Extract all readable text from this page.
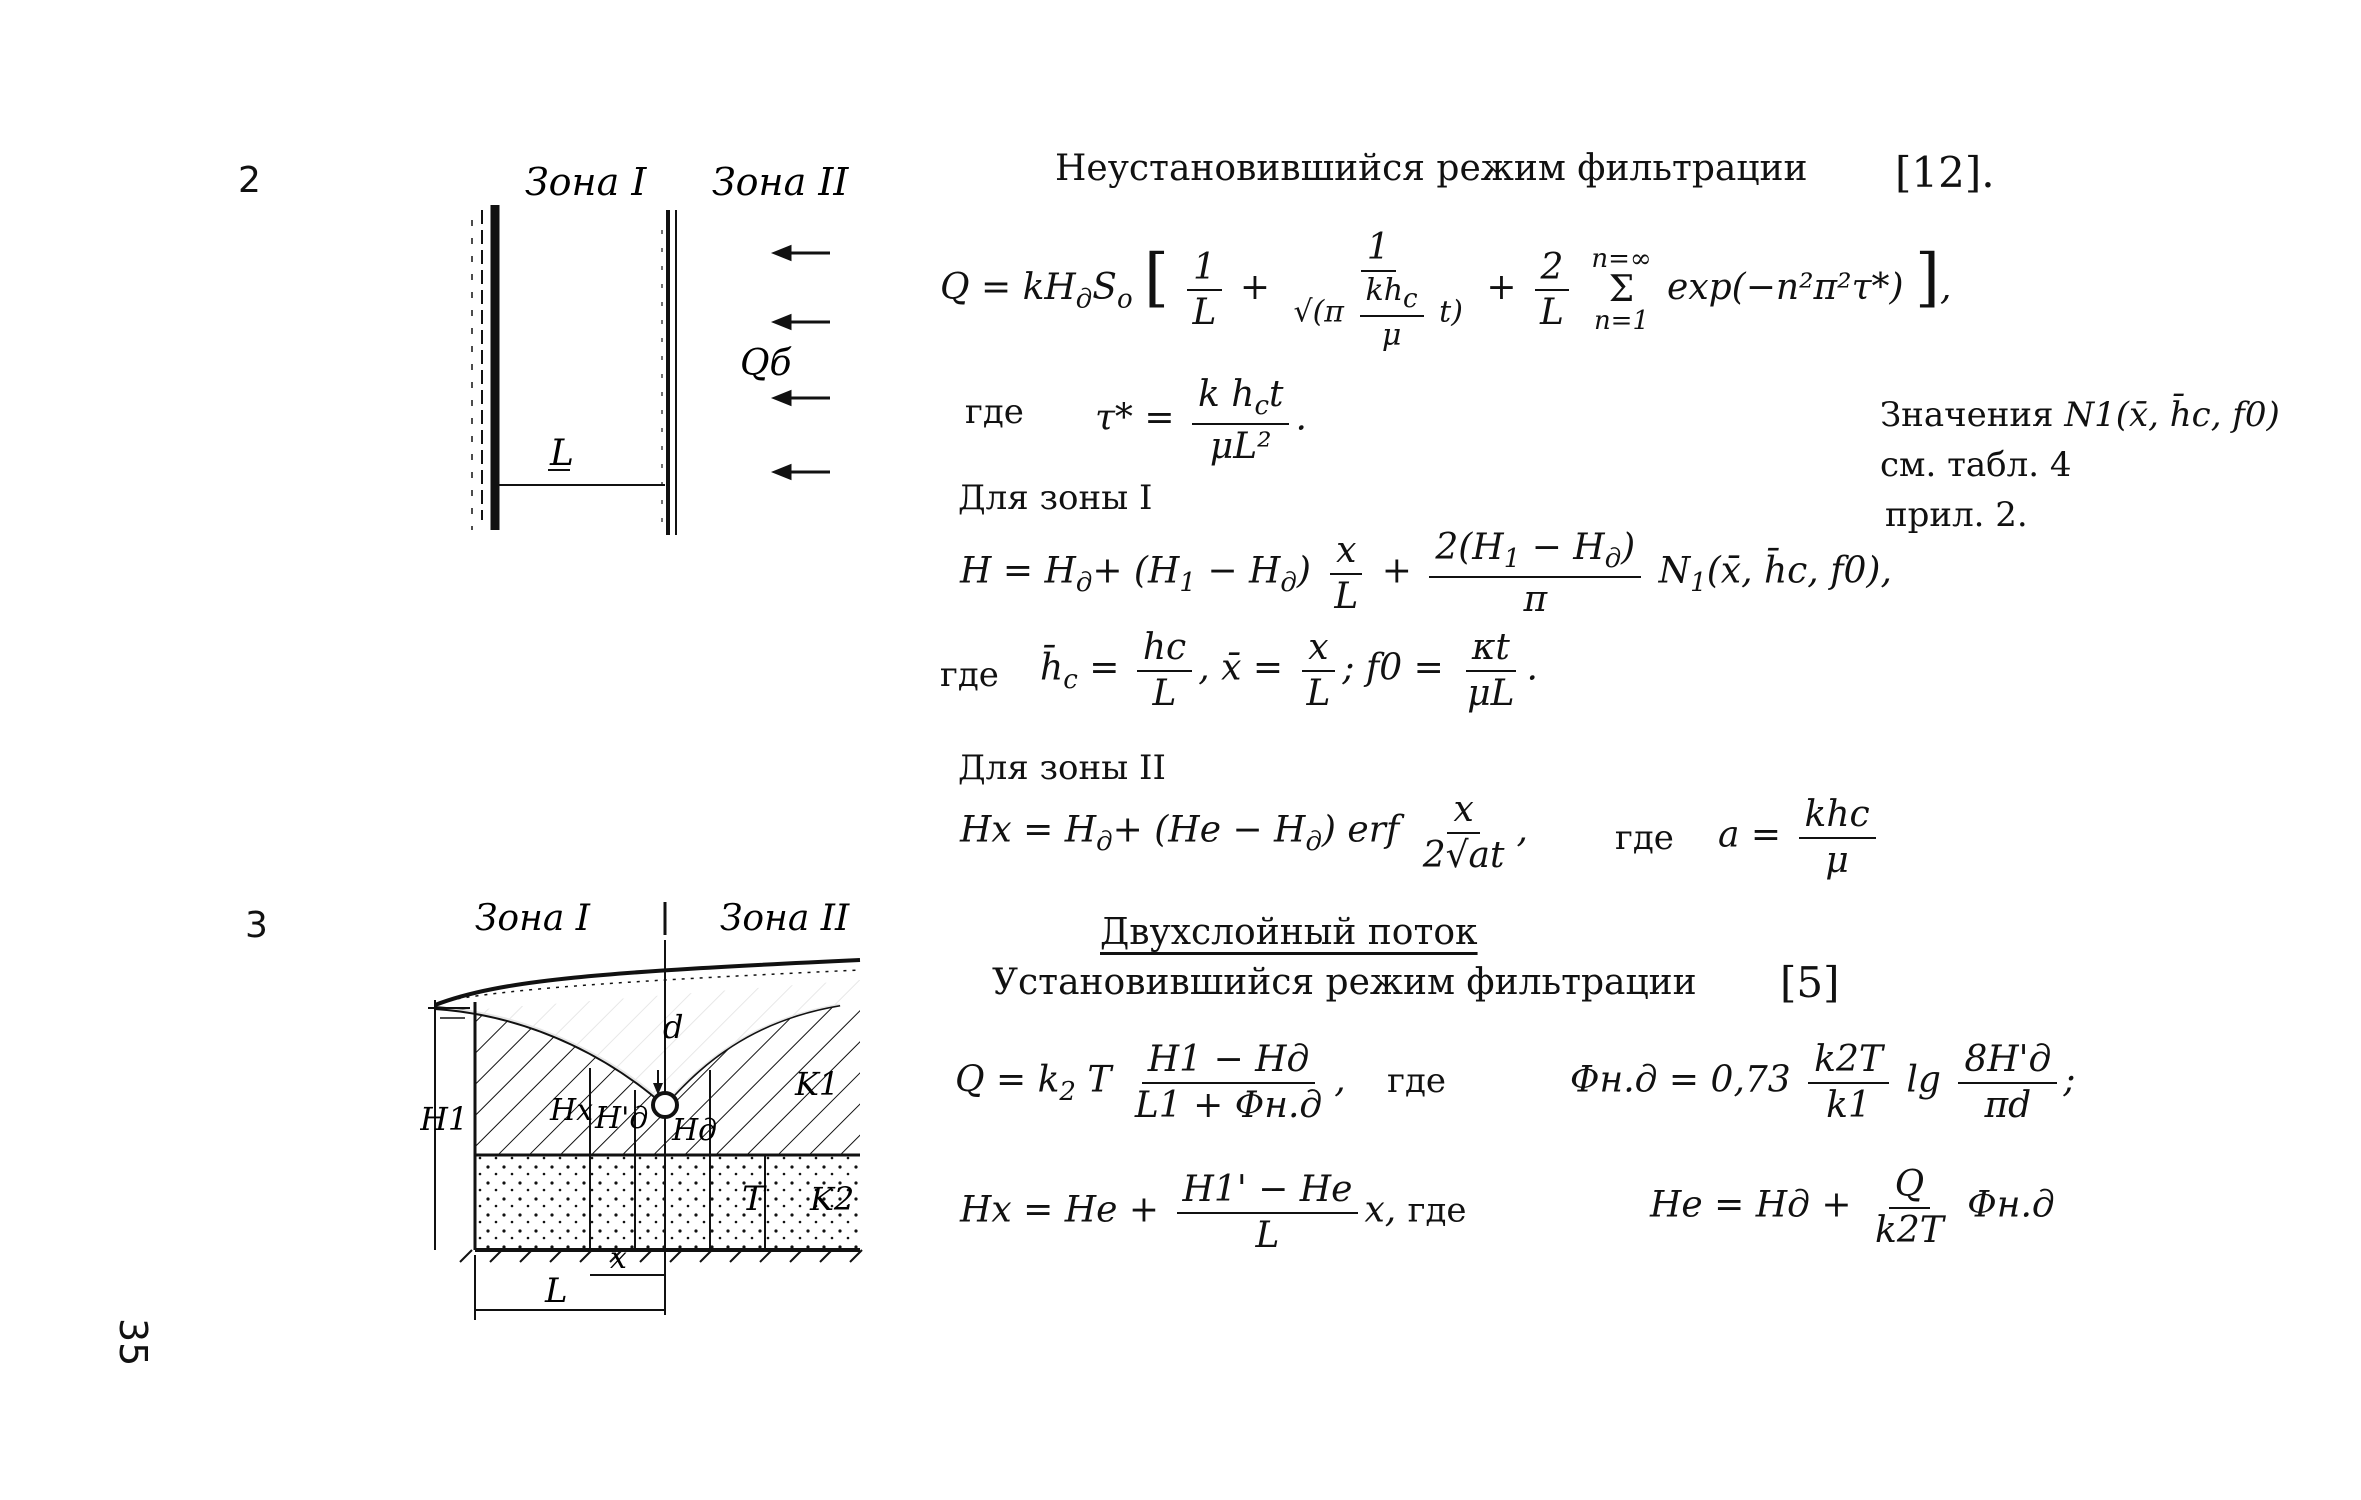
2	Зона I Зона II
Qб
L
Неустановившийся режим фильтрации [12].
$Q = kH_дS_o$ [ $\frac{1}{L} + \frac{1}{√(\pi \frac{kh_c}{\mu} t)} + \frac{2}{L}$
n=∞
Σ
n=1
exp(−n²π²τ*) ],
где $\tau* = \frac{k h_ct}{\text{μL²}}$ .
Для зоны I
$H = H_д+ (H_1 - H_д) \frac{x}{L} + \frac{2(H_1 - H_д)}{\pi}$ $N_1(x̄$, h̄c, f0),
где $h̄_c = \frac{hc}{L}$ , x̄ = $\frac{x}{L}$ ; $f0 = \frac{\kappa t}{\mu L}$ .
Для зоны II
$Hx = H_д+ (He - H_д)$ erf $\frac{x}{2√at}$ ,	где $a = \frac{\text{khc}}{\mu}$
Значения N1(x̄, h̄c, f0)
см. табл. 4
прил. 2.
3	Зона I	Зона II
d
H1	Hx H'д Hд
K1
T K2
x
L
Двухслойный поток
Установившийся режим фильтрации [5]
$Q = k_2$ T $\frac{H1 - Hд}{L1 + \Phi н.д}$ , где	$\Phi н.д = 0,73 \frac{k2T}{k1}$ $\lg \frac{8H'д}{\pi d}$ ;
$Hx = He + \frac{H1' - He}{L} x$, где	He = Hд + $\frac{Q}{k2T} \Phi н.д$
35
